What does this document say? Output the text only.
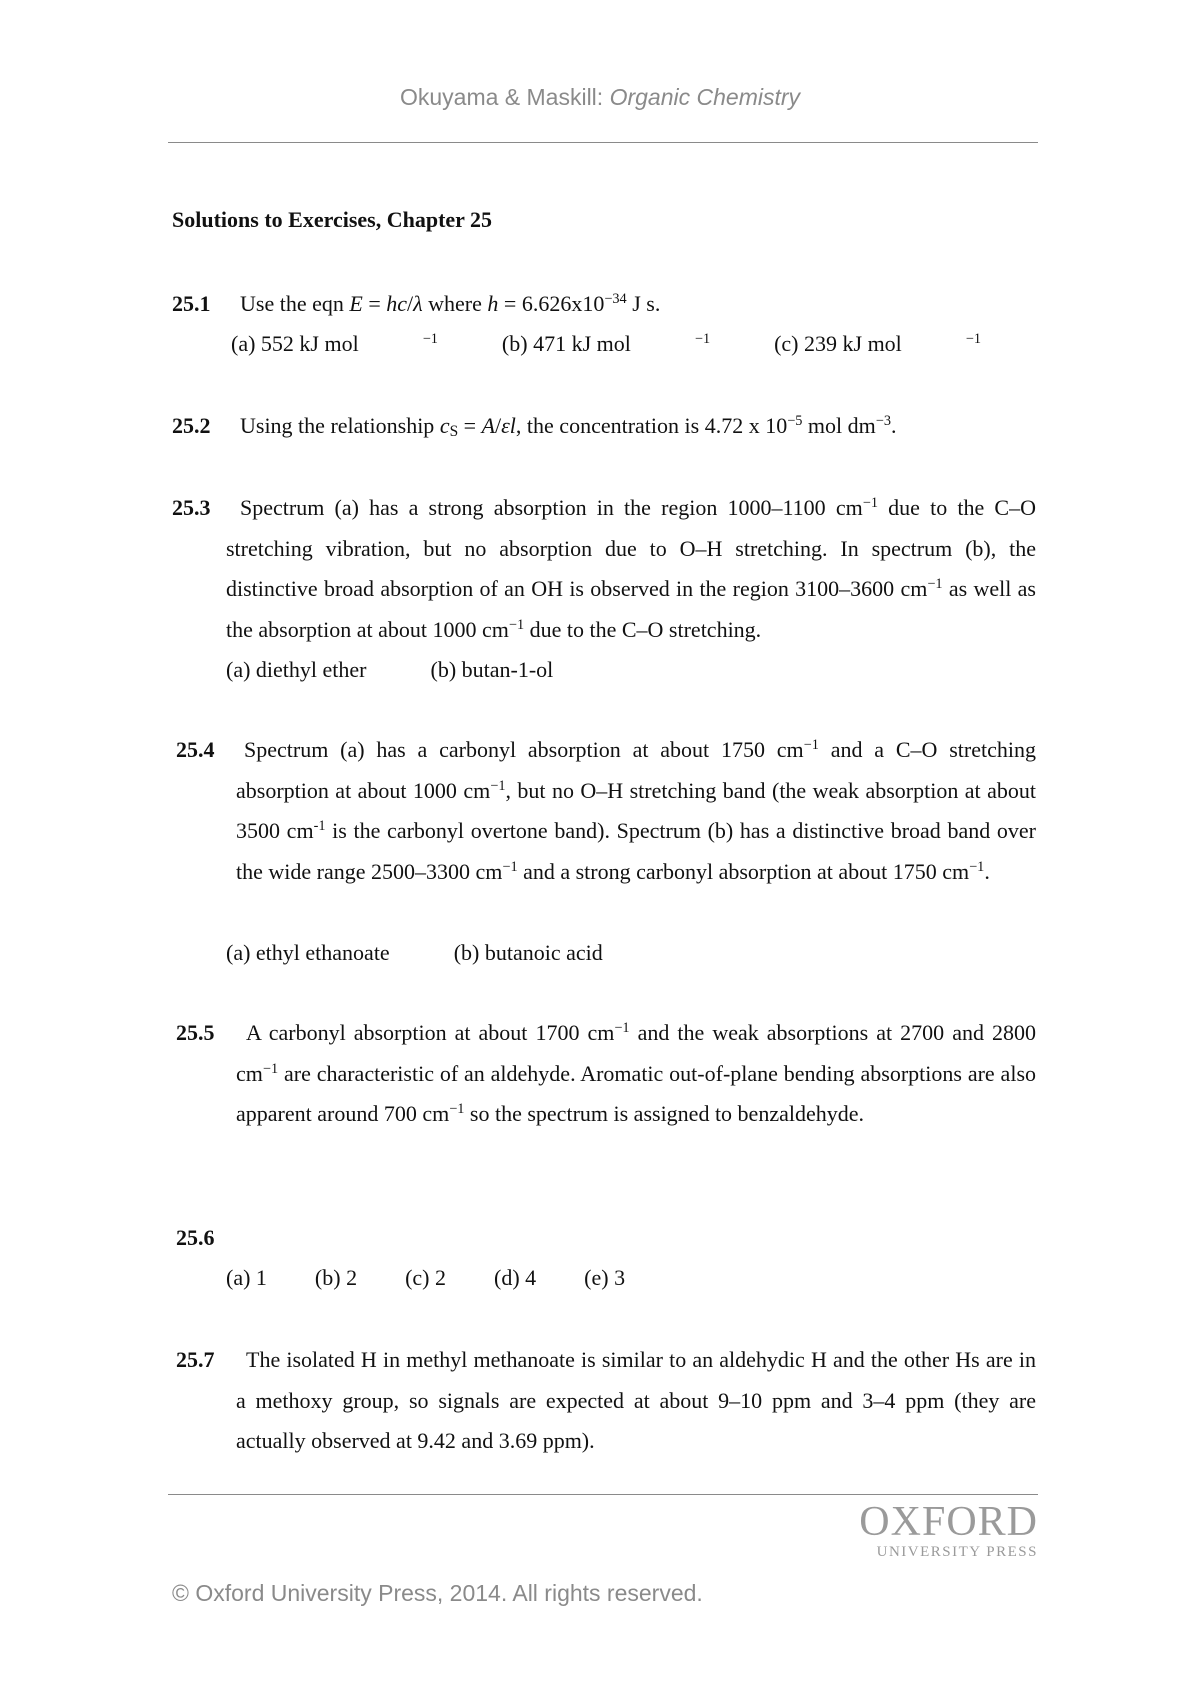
Okuyama & Maskill: Organic Chemistry
Solutions to Exercises, Chapter 25
25.1 Use the eqn E = hc/λ where $h = 6.626x10^{-34}$ J s.
(a) 552 kJ mol	$^{-1}$	(b) 471 kJ mol	$^{-1}$	(c) 239 kJ mol	$^{-1}$
25.2 Using the relationship $c_S = A/\varepsilon l$, the concentration is 4.72 x $10^{-5}$ mol $dm^{-3}$.
25.3	Spectrum (a) has a strong absorption in the region 1000–1100 $cm^{-1}$ due to the C–O stretching vibration, but no absorption due to O–H stretching. In spectrum (b), the distinctive broad absorption of an OH is observed in the region 3100–3600 $cm^{-1}$ as well as the absorption at about 1000 $cm^{-1}$ due to the C–O stretching.
(a) diethyl ether	(b) butan-1-ol
25.4	Spectrum (a) has a carbonyl absorption at about 1750 $cm^{-1}$ and a C–O stretching absorption at about 1000 $cm^{-1}$, but no O–H stretching band (the weak absorption at about 3500 $cm^{-1}$ is the carbonyl overtone band). Spectrum (b) has a distinctive broad band over the wide range 2500–3300 $cm^{-1}$ and a strong carbonyl absorption at about 1750 $cm^{-1}$.
(a) ethyl ethanoate	(b) butanoic acid
25.5	A carbonyl absorption at about 1700 $cm^{-1}$ and the weak absorptions at 2700 and 2800 $cm^{-1}$ are characteristic of an aldehyde. Aromatic out-of-plane bending absorptions are also apparent around 700 $cm^{-1}$ so the spectrum is assigned to benzaldehyde.
25.6
(a) 1 (b) 2 (c) 2 (d) 4 (e) 3
25.7	The isolated H in methyl methanoate is similar to an aldehydic H and the other Hs are in a methoxy group, so signals are expected at about 9–10 ppm and 3–4 ppm (they are actually observed at 9.42 and 3.69 ppm).
OXFORD
UNIVERSITY PRESS
© Oxford University Press, 2014. All rights reserved.
